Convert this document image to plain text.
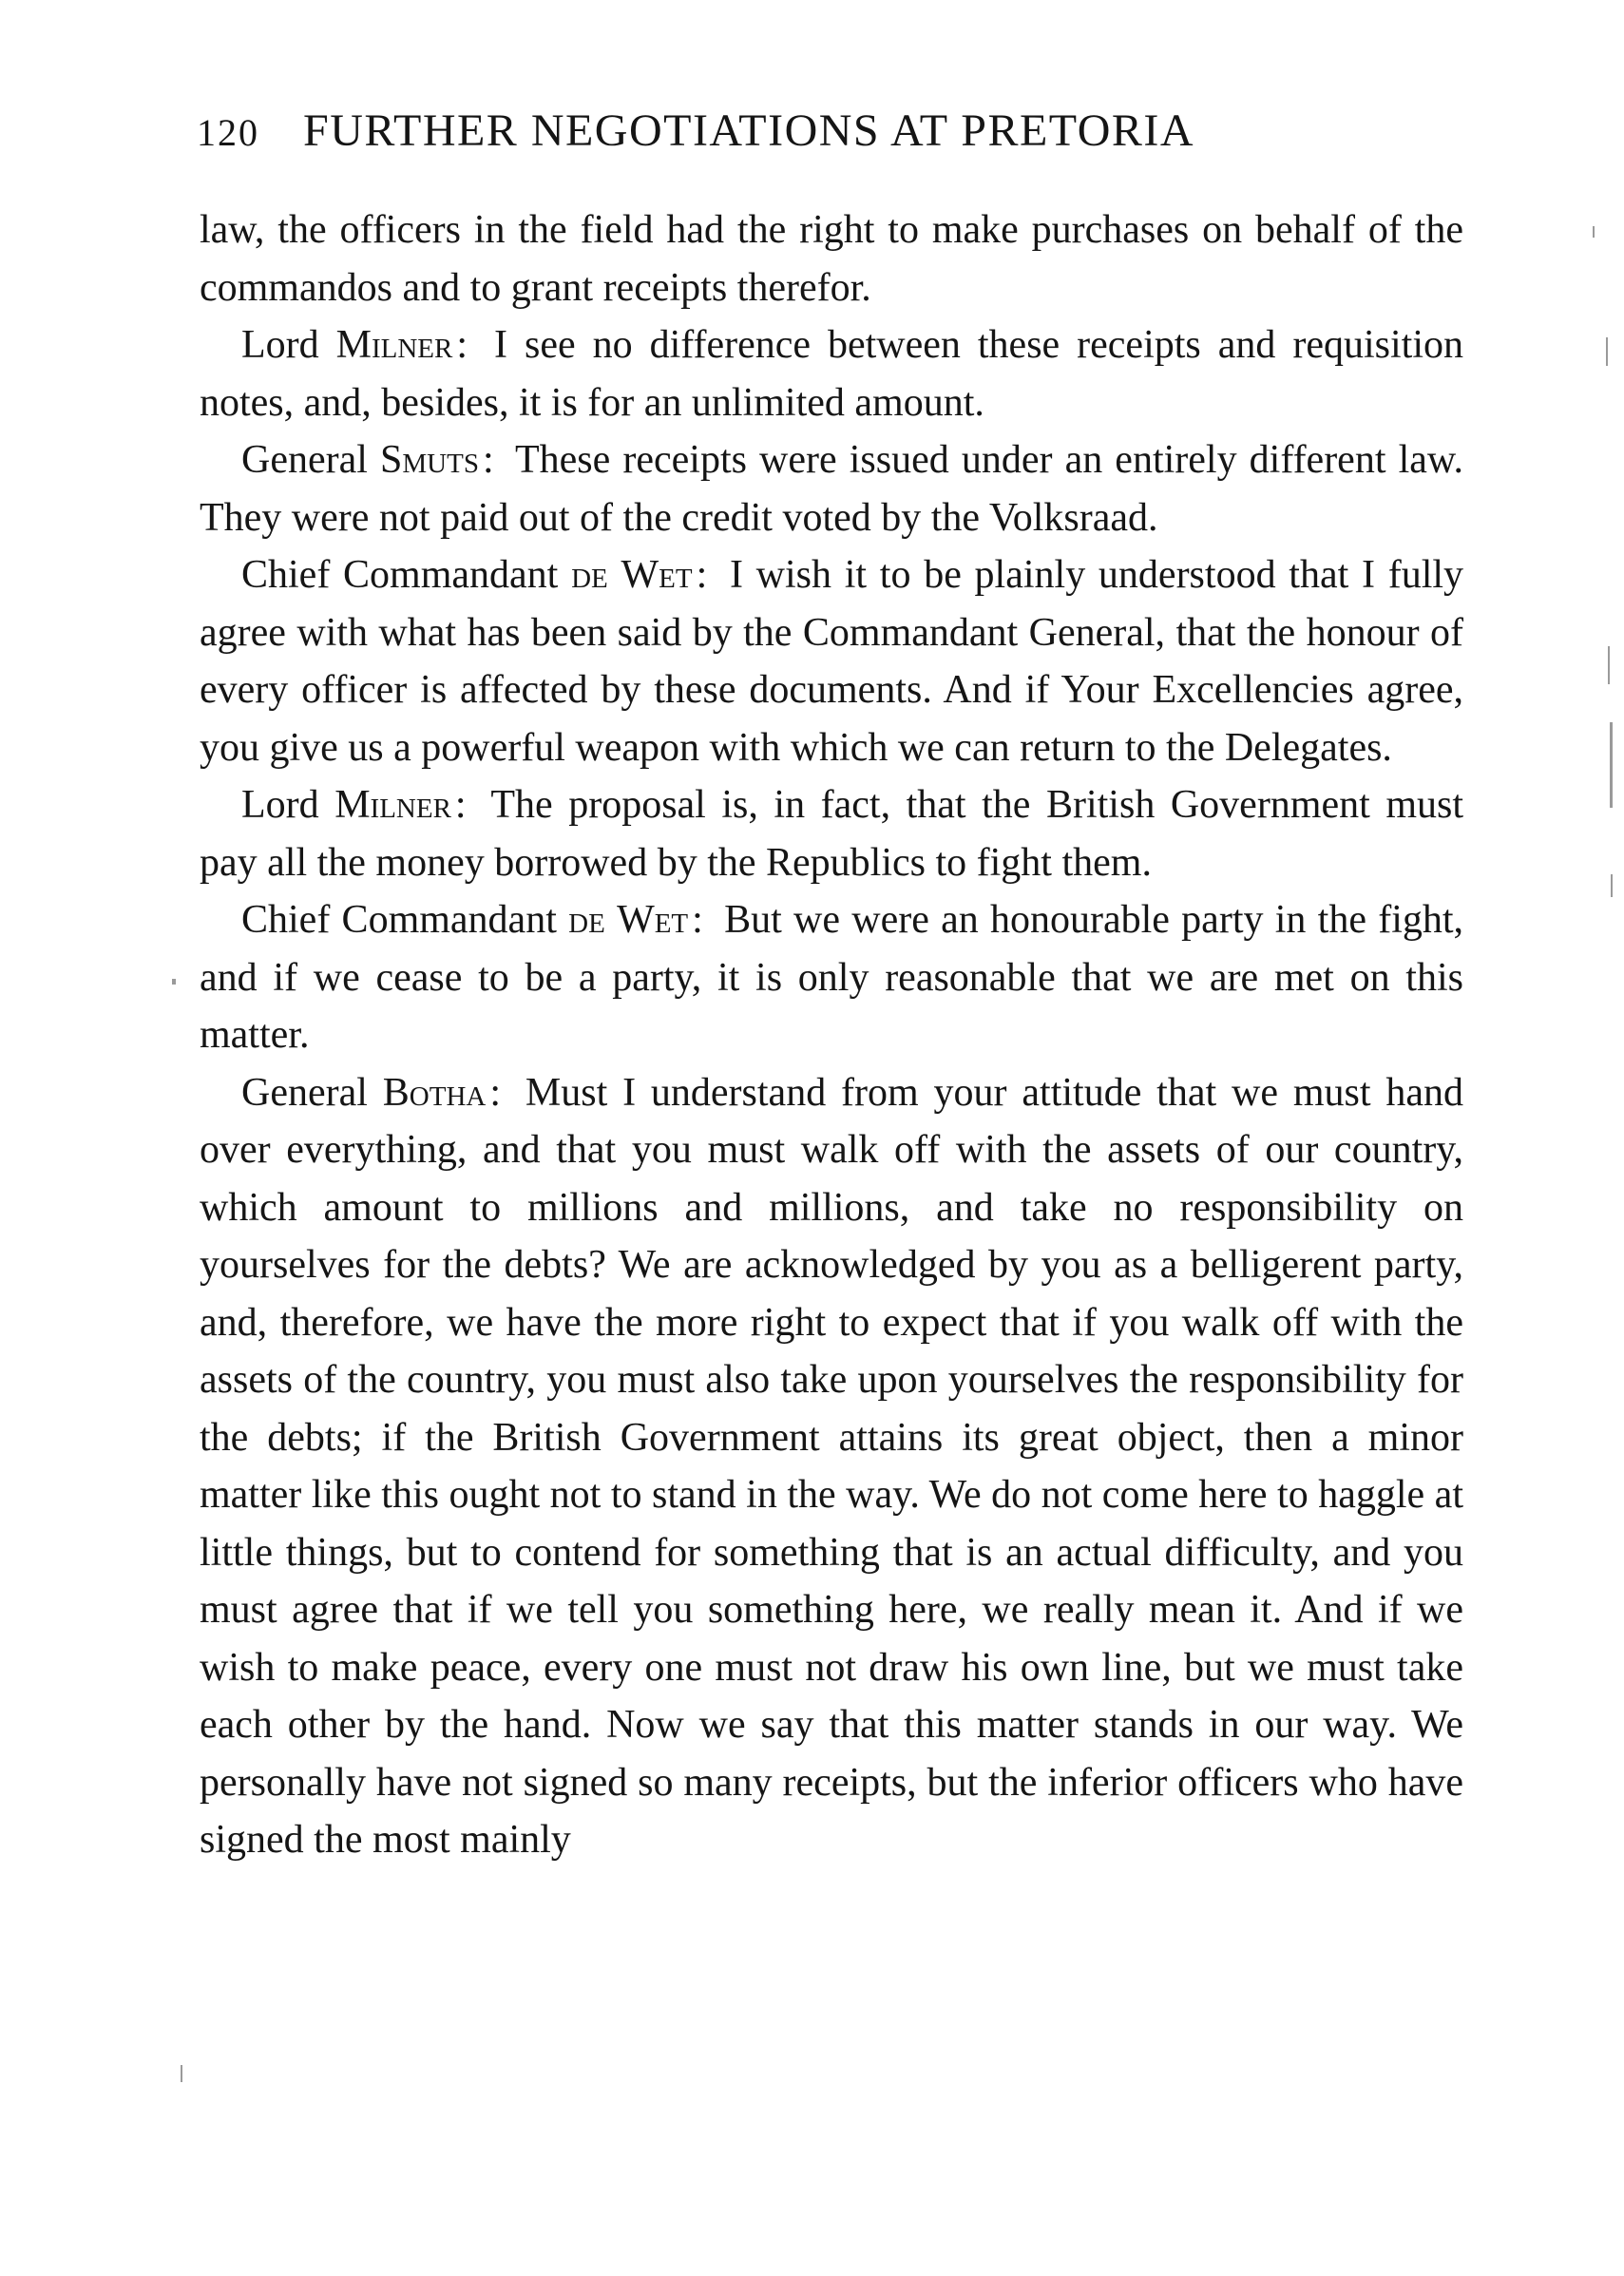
120 FURTHER NEGOTIATIONS AT PRETORIA

law, the officers in the field had the right to make purchases on behalf of the commandos and to grant receipts therefor.

Lord Milner: I see no difference between these receipts and requisition notes, and, besides, it is for an unlimited amount.

General Smuts: These receipts were issued under an entirely different law. They were not paid out of the credit voted by the Volksraad.

Chief Commandant de Wet: I wish it to be plainly understood that I fully agree with what has been said by the Commandant General, that the honour of every officer is affected by these documents. And if Your Excellencies agree, you give us a powerful weapon with which we can return to the Delegates.

Lord Milner: The proposal is, in fact, that the British Government must pay all the money borrowed by the Republics to fight them.

Chief Commandant de Wet: But we were an honourable party in the fight, and if we cease to be a party, it is only reasonable that we are met on this matter.

General Botha: Must I understand from your attitude that we must hand over everything, and that you must walk off with the assets of our country, which amount to millions and millions, and take no responsibility on yourselves for the debts? We are acknowledged by you as a belligerent party, and, therefore, we have the more right to expect that if you walk off with the assets of the country, you must also take upon yourselves the responsibility for the debts; if the British Government attains its great object, then a minor matter like this ought not to stand in the way. We do not come here to haggle at little things, but to contend for something that is an actual difficulty, and you must agree that if we tell you something here, we really mean it. And if we wish to make peace, every one must not draw his own line, but we must take each other by the hand. Now we say that this matter stands in our way. We personally have not signed so many receipts, but the inferior officers who have signed the most mainly
